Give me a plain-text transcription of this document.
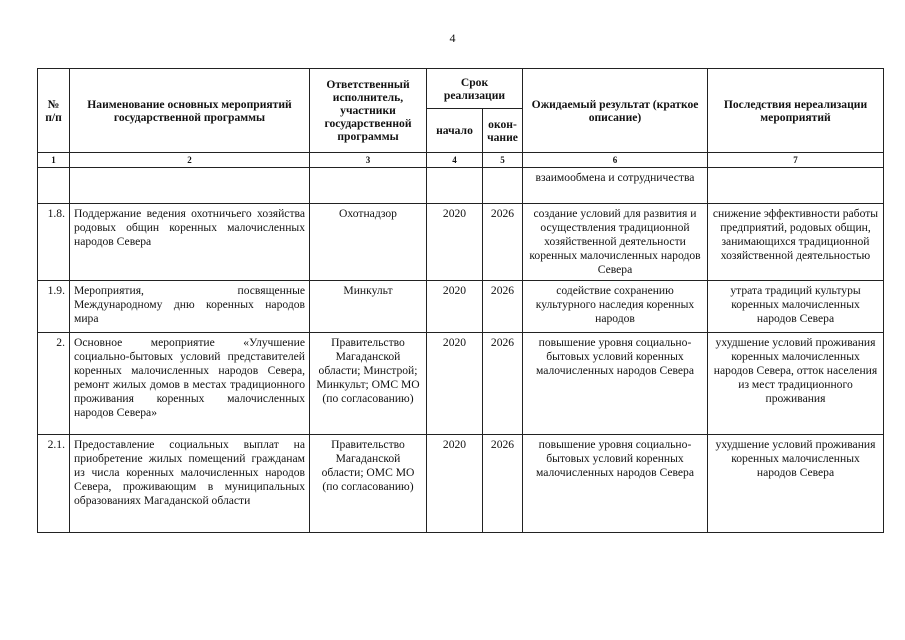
4
№ п/п	Наименование основных мероприятий государственной программы	Ответственный исполнитель, участники государственной программы	Срок реализации		Ожидаемый результат (краткое описание)	Последствия нереализации мероприятий
			начало	окон-чание		
1	2	3	4	5	6	7
					взаимообмена и сотрудничества	
1.8.	Поддержание ведения охотничьего хозяйства родовых общин коренных малочисленных народов Севера	Охотнадзор	2020	2026	создание условий для развития и осуществления традиционной хозяйственной деятельности коренных малочисленных народов Севера	снижение эффективности работы предприятий, родовых общин, занимающихся традиционной хозяйственной деятельностью
1.9.	Мероприятия, посвященные Международному дню коренных народов мира	Минкульт	2020	2026	содействие сохранению культурного наследия коренных народов	утрата традиций культуры коренных малочисленных народов Севера
2.	Основное мероприятие «Улучшение социально-бытовых условий представителей коренных малочисленных народов Севера, ремонт жилых домов в местах традиционного проживания коренных малочисленных народов Севера»	Правительство Магаданской области; Минстрой; Минкульт; ОМС МО (по согласованию)	2020	2026	повышение уровня социально-бытовых условий коренных малочисленных народов Севера	ухудшение условий проживания коренных малочисленных народов Севера, отток населения из мест традиционного проживания
2.1.	Предоставление социальных выплат на приобретение жилых помещений гражданам из числа коренных малочисленных народов Севера, проживающим в муниципальных образованиях Магаданской области	Правительство Магаданской области; ОМС МО (по согласованию)	2020	2026	повышение уровня социально-бытовых условий коренных малочисленных народов Севера	ухудшение условий проживания коренных малочисленных народов Севера
